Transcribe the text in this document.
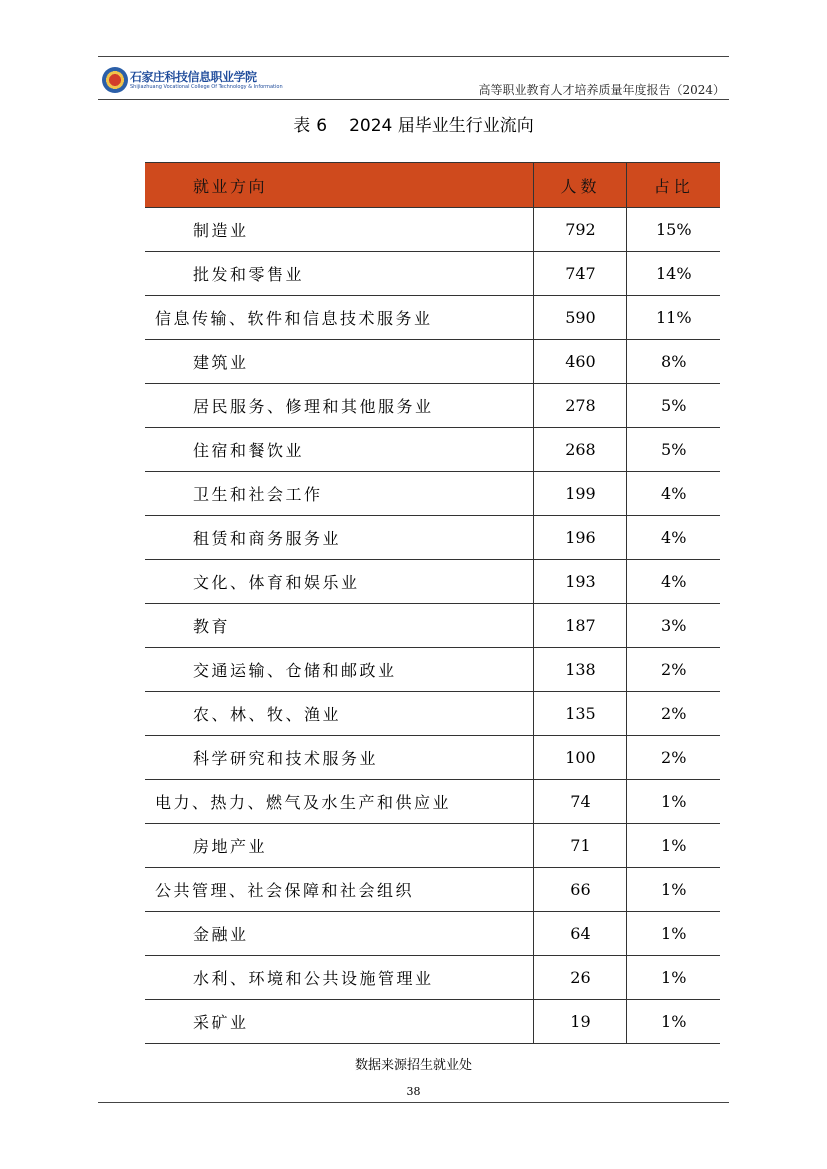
石家庄科技信息职业学院
Shijiazhuang Vocational College Of Technology & Information	高等职业教育人才培养质量年度报告（2024）
表 6 2024 届毕业生行业流向
就业方向	人数	占比
制造业	792	15%
批发和零售业	747	14%
信息传输、软件和信息技术服务业	590	11%
建筑业	460	8%
居民服务、修理和其他服务业	278	5%
住宿和餐饮业	268	5%
卫生和社会工作	199	4%
租赁和商务服务业	196	4%
文化、体育和娱乐业	193	4%
教育	187	3%
交通运输、仓储和邮政业	138	2%
农、林、牧、渔业	135	2%
科学研究和技术服务业	100	2%
电力、热力、燃气及水生产和供应业	74	1%
房地产业	71	1%
公共管理、社会保障和社会组织	66	1%
金融业	64	1%
水利、环境和公共设施管理业	26	1%
采矿业	19	1%
数据来源招生就业处
38
